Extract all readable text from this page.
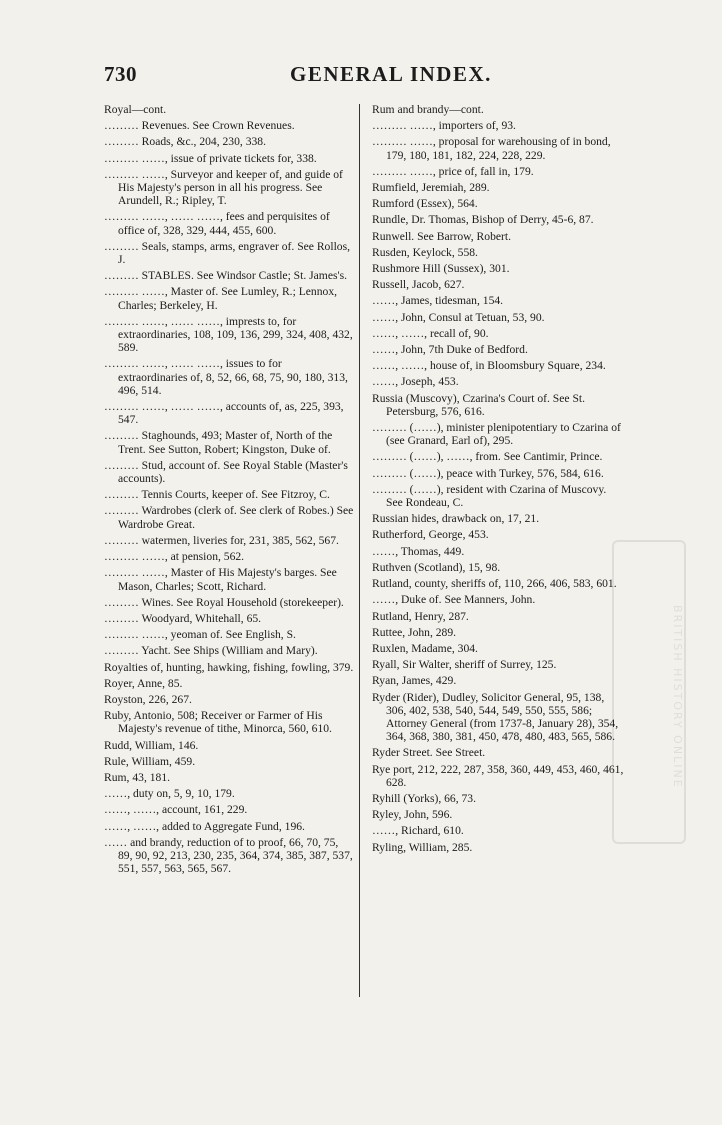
730	GENERAL INDEX.

Royal—cont.

……… Revenues. See Crown Revenues.

……… Roads, &c., 204, 230, 338.

……… ……, issue of private tickets for, 338.

……… ……, Surveyor and keeper of, and guide of His Majesty's person in all his progress. See Arundell, R.; Ripley, T.

……… ……, …… ……, fees and perquisites of office of, 328, 329, 444, 455, 600.

……… Seals, stamps, arms, engraver of. See Rollos, J.

……… STABLES. See Windsor Castle; St. James's.

……… ……, Master of. See Lumley, R.; Lennox, Charles; Berkeley, H.

……… ……, …… ……, imprests to, for extraordinaries, 108, 109, 136, 299, 324, 408, 432, 589.

……… ……, …… ……, issues to for extraordinaries of, 8, 52, 66, 68, 75, 90, 180, 313, 496, 514.

……… ……, …… ……, accounts of, as, 225, 393, 547.

……… Staghounds, 493; Master of, North of the Trent. See Sutton, Robert; Kingston, Duke of.

……… Stud, account of. See Royal Stable (Master's accounts).

……… Tennis Courts, keeper of. See Fitzroy, C.

……… Wardrobes (clerk of. See clerk of Robes.) See Wardrobe Great.

……… watermen, liveries for, 231, 385, 562, 567.

……… ……, at pension, 562.

……… ……, Master of His Majesty's barges. See Mason, Charles; Scott, Richard.

……… Wines. See Royal Household (storekeeper).

……… Woodyard, Whitehall, 65.

……… ……, yeoman of. See English, S.

……… Yacht. See Ships (William and Mary).

Royalties of, hunting, hawking, fishing, fowling, 379.

Royer, Anne, 85.

Royston, 226, 267.

Ruby, Antonio, 508; Receiver or Farmer of His Majesty's revenue of tithe, Minorca, 560, 610.

Rudd, William, 146.

Rule, William, 459.

Rum, 43, 181.

……, duty on, 5, 9, 10, 179.

……, ……, account, 161, 229.

……, ……, added to Aggregate Fund, 196.

…… and brandy, reduction of to proof, 66, 70, 75, 89, 90, 92, 213, 230, 235, 364, 374, 385, 387, 537, 551, 557, 563, 565, 567.

Rum and brandy—cont.

……… ……, importers of, 93.

……… ……, proposal for warehousing of in bond, 179, 180, 181, 182, 224, 228, 229.

……… ……, price of, fall in, 179.

Rumfield, Jeremiah, 289.

Rumford (Essex), 564.

Rundle, Dr. Thomas, Bishop of Derry, 45-6, 87.

Runwell. See Barrow, Robert.

Rusden, Keylock, 558.

Rushmore Hill (Sussex), 301.

Russell, Jacob, 627.

……, James, tidesman, 154.

……, John, Consul at Tetuan, 53, 90.

……, ……, recall of, 90.

……, John, 7th Duke of Bedford.

……, ……, house of, in Bloomsbury Square, 234.

……, Joseph, 453.

Russia (Muscovy), Czarina's Court of. See St. Petersburg, 576, 616.

……… (……), minister plenipotentiary to Czarina of (see Granard, Earl of), 295.

……… (……), ……, from. See Cantimir, Prince.

……… (……), peace with Turkey, 576, 584, 616.

……… (……), resident with Czarina of Muscovy. See Rondeau, C.

Russian hides, drawback on, 17, 21.

Rutherford, George, 453.

……, Thomas, 449.

Ruthven (Scotland), 15, 98.

Rutland, county, sheriffs of, 110, 266, 406, 583, 601.

……, Duke of. See Manners, John.

Rutland, Henry, 287.

Ruttee, John, 289.

Ruxlen, Madame, 304.

Ryall, Sir Walter, sheriff of Surrey, 125.

Ryan, James, 429.

Ryder (Rider), Dudley, Solicitor General, 95, 138, 306, 402, 538, 540, 544, 549, 550, 555, 586; Attorney General (from 1737-8, January 28), 354, 364, 368, 380, 381, 450, 478, 480, 483, 565, 586.

Ryder Street. See Street.

Rye port, 212, 222, 287, 358, 360, 449, 453, 460, 461, 628.

Ryhill (Yorks), 66, 73.

Ryley, John, 596.

……, Richard, 610.

Ryling, William, 285.

BRITISH HISTORY ONLINE
